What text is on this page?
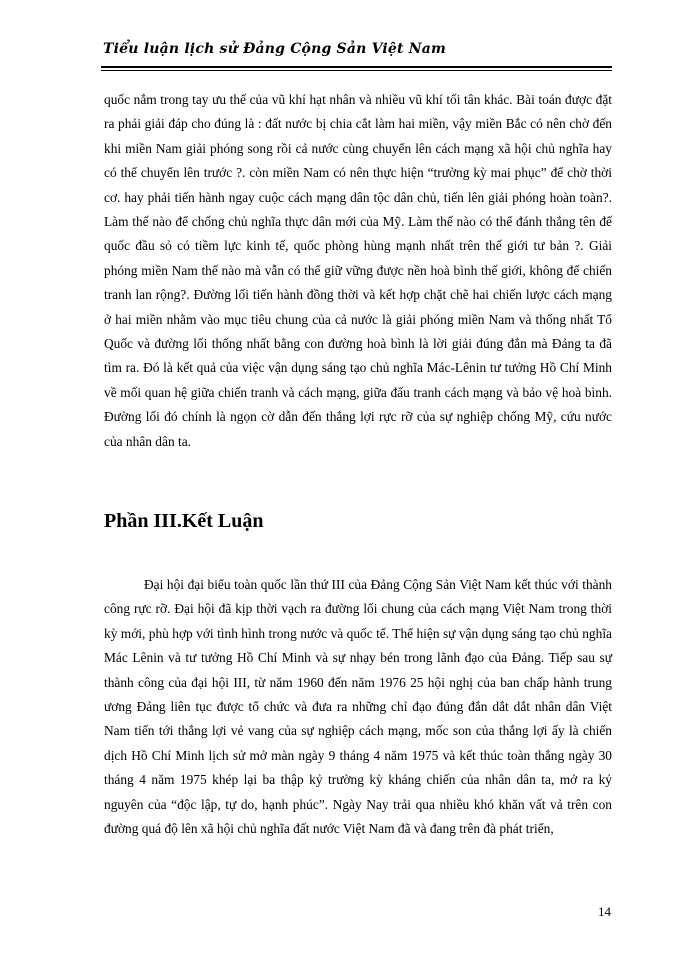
Tiểu luận lịch sử Đảng Cộng Sản Việt Nam

quốc nắm trong tay ưu thế của vũ khí hạt nhân và nhiều vũ khí tối tân khác. Bài toán được đặt ra phải giải đáp cho đúng là : đất nước bị chia cắt làm hai miền, vậy miền Bắc có nên chờ đến khi miền Nam giải phóng song rồi cả nước cùng chuyển lên cách mạng xã hội chủ nghĩa hay có thể chuyển lên trước ?. còn miền Nam có nên thực hiện “trường kỳ mai phục” để chờ thời cơ. hay phải tiến hành ngay cuộc cách mạng dân tộc dân chủ, tiến lên giải phóng hoàn toàn?. Làm thế nào để chống chủ nghĩa thực dân mới của Mỹ. Làm thế nào có thể đánh thắng tên đế quốc đầu sỏ có tiềm lực kinh tế, quốc phòng hùng mạnh nhất trên thế giới tư bản ?. Giải phóng miền Nam thế nào mà vẫn có thể giữ vững được nền hoà bình thế giới, không để chiến tranh lan rộng?. Đường lối tiến hành đồng thời và kết hợp chặt chẽ hai chiến lược cách mạng ở hai miền nhằm vào mục tiêu chung của cả nước là giải phóng miền Nam và thống nhất Tổ Quốc và đường lối thống nhất bằng con đường hoà bình là lời giải đúng đắn mà Đảng ta đã tìm ra. Đó là kết quả của việc vận dụng sáng tạo chủ nghĩa Mác-Lênin tư tưởng Hồ Chí Minh về mối quan hệ giữa chiến tranh và cách mạng, giữa đấu tranh cách mạng và bảo vệ hoà bình. Đường lối đó chính là ngọn cờ dẫn đến thắng lợi rực rỡ của sự nghiệp chống Mỹ, cứu nước của nhân dân ta.

Phần III.Kết Luận

Đại hội đại biểu toàn quốc lần thứ III của Đảng Cộng Sản Việt Nam kết thúc với thành công rực rỡ. Đại hội đã kịp thời vạch ra đường lối chung của cách mạng Việt Nam trong thời kỳ mới, phù hợp với tình hình trong nước và quốc tế. Thể hiện sự vận dụng sáng tạo chủ nghĩa Mác Lênin và tư tưởng Hồ Chí Minh và sự nhạy bén trong lãnh đạo của Đảng. Tiếp sau sự thành công của đại hội III, từ năm 1960 đến năm 1976 25 hội nghị của ban chấp hành trung ương Đảng liên tục được tổ chức và đưa ra những chỉ đạo đúng đắn dắt dắt nhân dân Việt Nam tiến tới thắng lợi vẻ vang của sự nghiệp cách mạng, mốc son của thắng lợi ấy là chiến dịch Hồ Chí Minh lịch sử mở màn ngày 9 tháng 4 năm 1975 và kết thúc toàn thắng ngày 30 tháng 4 năm 1975 khép lại ba thập kỷ trường kỳ kháng chiến của nhân dân ta, mở ra kỷ nguyên của “độc lập, tự do, hạnh phúc”. Ngày Nay trải qua nhiều khó khăn vất vả trên con đường quá độ lên xã hội chủ nghĩa đất nước Việt Nam đã và đang trên đà phát triển,

14
